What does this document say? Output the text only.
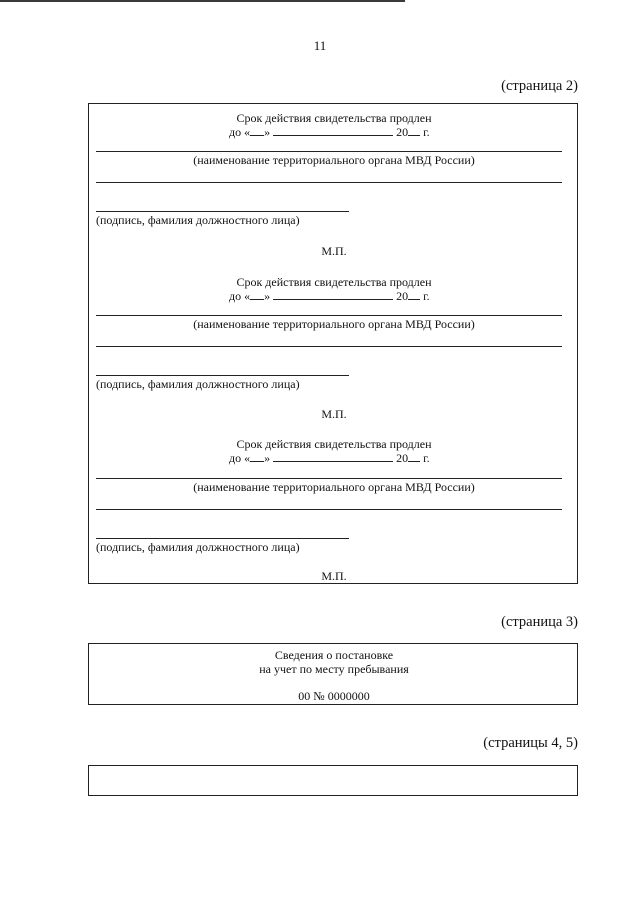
11
(страница 2)
Срок действия свидетельства продлен
до « »	20 г.
(наименование территориального органа МВД России)
(подпись, фамилия должностного лица)
М.П.
Срок действия свидетельства продлен
до « »	20 г.
(наименование территориального органа МВД России)
(подпись, фамилия должностного лица)
М.П.
Срок действия свидетельства продлен
до « »	20 г.
(наименование территориального органа МВД России)
(подпись, фамилия должностного лица)
М.П.
(страница 3)
Сведения о постановке
на учет по месту пребывания
00 № 0000000
(страницы 4, 5)
